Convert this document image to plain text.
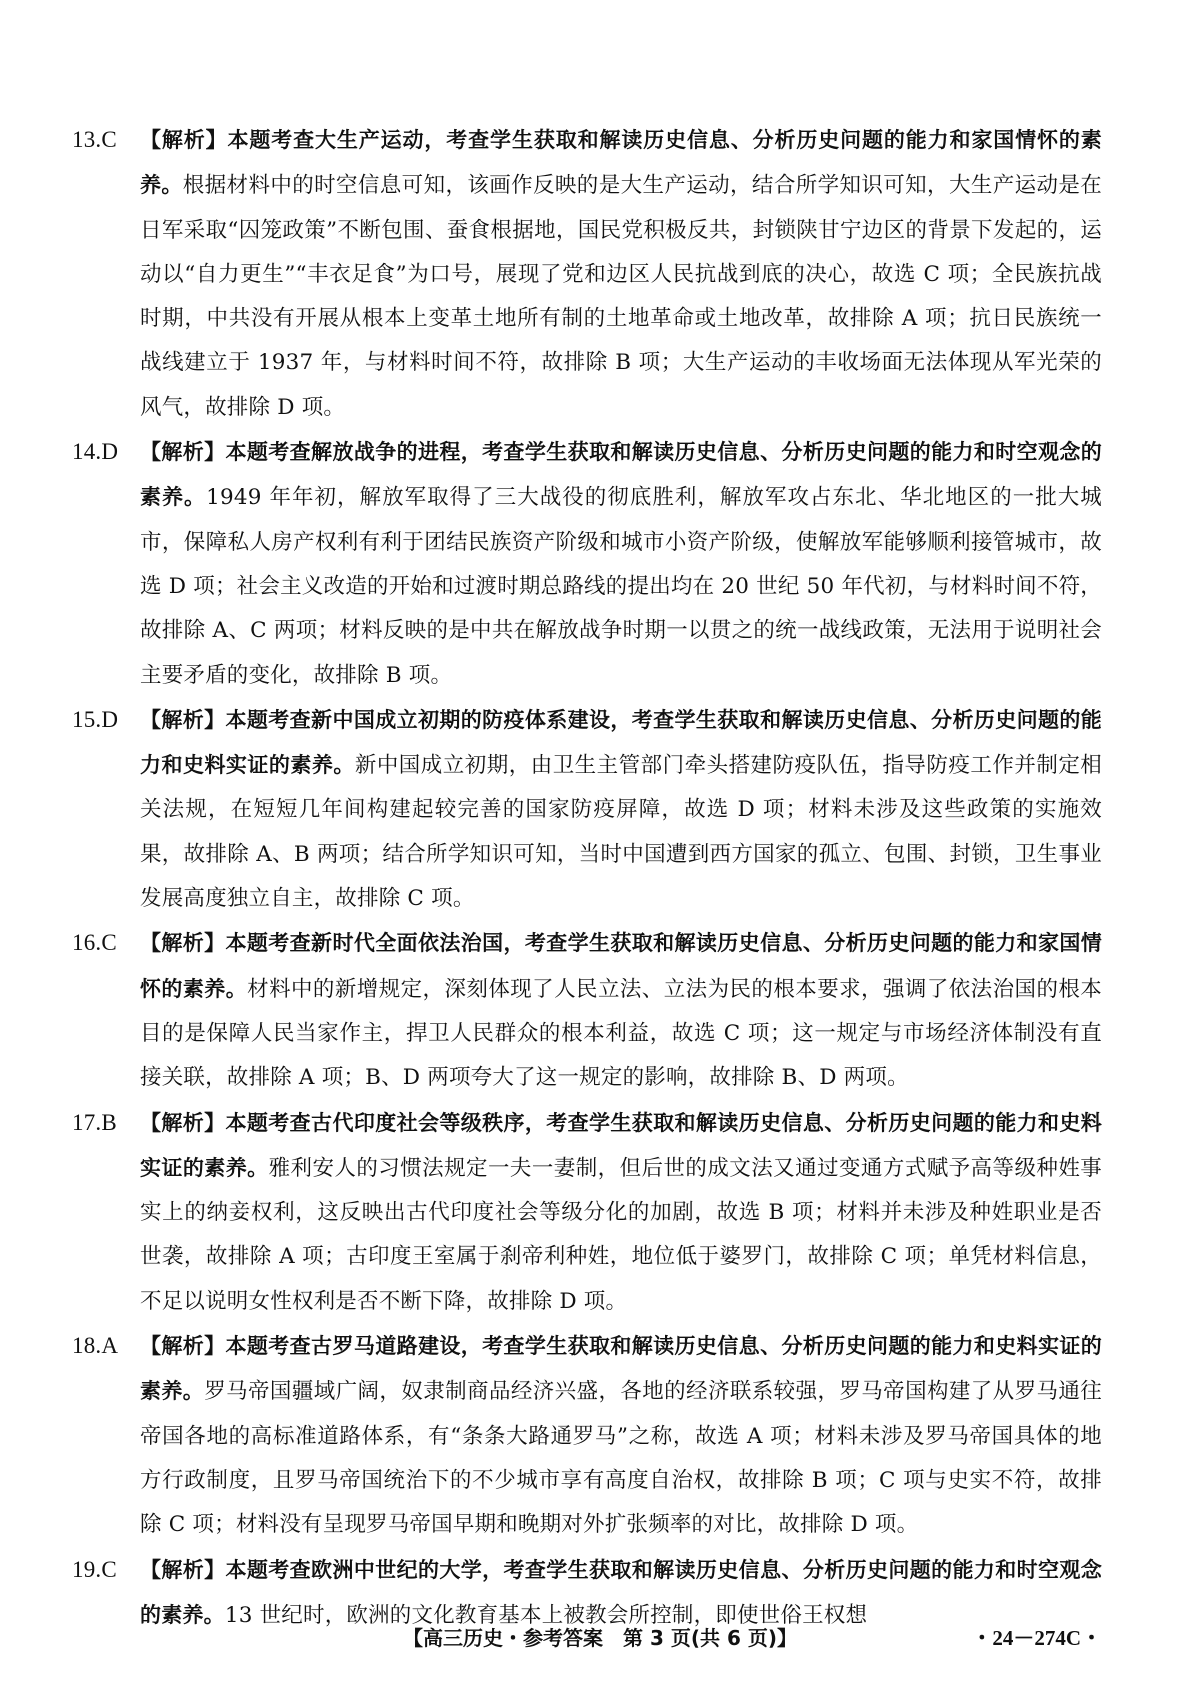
13.C 【解析】本题考查大生产运动，考查学生获取和解读历史信息、分析历史问题的能力和家国情怀的素养。根据材料中的时空信息可知，该画作反映的是大生产运动，结合所学知识可知，大生产运动是在日军采取“囚笼政策”不断包围、蚕食根据地，国民党积极反共，封锁陕甘宁边区的背景下发起的，运动以“自力更生”“丰衣足食”为口号，展现了党和边区人民抗战到底的决心，故选 C 项；全民族抗战时期，中共没有开展从根本上变革土地所有制的土地革命或土地改革，故排除 A 项；抗日民族统一战线建立于 1937 年，与材料时间不符，故排除 B 项；大生产运动的丰收场面无法体现从军光荣的风气，故排除 D 项。
14.D 【解析】本题考查解放战争的进程，考查学生获取和解读历史信息、分析历史问题的能力和时空观念的素养。1949 年年初，解放军取得了三大战役的彻底胜利，解放军攻占东北、华北地区的一批大城市，保障私人房产权利有利于团结民族资产阶级和城市小资产阶级，使解放军能够顺利接管城市，故选 D 项；社会主义改造的开始和过渡时期总路线的提出均在 20 世纪 50 年代初，与材料时间不符，故排除 A、C 两项；材料反映的是中共在解放战争时期一以贯之的统一战线政策，无法用于说明社会主要矛盾的变化，故排除 B 项。
15.D 【解析】本题考查新中国成立初期的防疫体系建设，考查学生获取和解读历史信息、分析历史问题的能力和史料实证的素养。新中国成立初期，由卫生主管部门牵头搭建防疫队伍，指导防疫工作并制定相关法规，在短短几年间构建起较完善的国家防疫屏障，故选 D 项；材料未涉及这些政策的实施效果，故排除 A、B 两项；结合所学知识可知，当时中国遭到西方国家的孤立、包围、封锁，卫生事业发展高度独立自主，故排除 C 项。
16.C 【解析】本题考查新时代全面依法治国，考查学生获取和解读历史信息、分析历史问题的能力和家国情怀的素养。材料中的新增规定，深刻体现了人民立法、立法为民的根本要求，强调了依法治国的根本目的是保障人民当家作主，捍卫人民群众的根本利益，故选 C 项；这一规定与市场经济体制没有直接关联，故排除 A 项；B、D 两项夸大了这一规定的影响，故排除 B、D 两项。
17.B 【解析】本题考查古代印度社会等级秩序，考查学生获取和解读历史信息、分析历史问题的能力和史料实证的素养。雅利安人的习惯法规定一夫一妻制，但后世的成文法又通过变通方式赋予高等级种姓事实上的纳妾权利，这反映出古代印度社会等级分化的加剧，故选 B 项；材料并未涉及种姓职业是否世袭，故排除 A 项；古印度王室属于刹帝利种姓，地位低于婆罗门，故排除 C 项；单凭材料信息，不足以说明女性权利是否不断下降，故排除 D 项。
18.A 【解析】本题考查古罗马道路建设，考查学生获取和解读历史信息、分析历史问题的能力和史料实证的素养。罗马帝国疆域广阔，奴隶制商品经济兴盛，各地的经济联系较强，罗马帝国构建了从罗马通往帝国各地的高标准道路体系，有“条条大路通罗马”之称，故选 A 项；材料未涉及罗马帝国具体的地方行政制度，且罗马帝国统治下的不少城市享有高度自治权，故排除 B 项；C 项与史实不符，故排除 C 项；材料没有呈现罗马帝国早期和晚期对外扩张频率的对比，故排除 D 项。
19.C 【解析】本题考查欧洲中世纪的大学，考查学生获取和解读历史信息、分析历史问题的能力和时空观念的素养。13 世纪时，欧洲的文化教育基本上被教会所控制，即使世俗王权想
【高三历史・参考答案　第 3 页(共 6 页)】	・24－274C・
